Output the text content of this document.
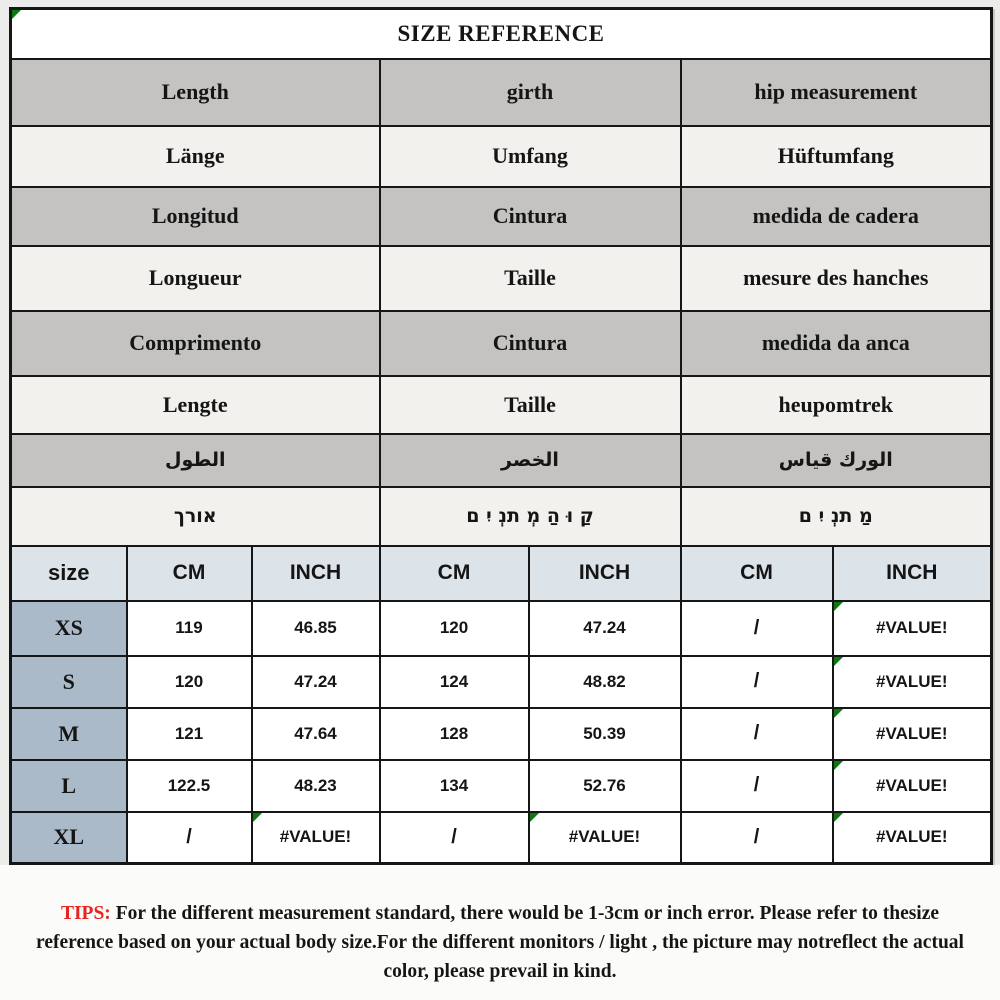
SIZE REFERENCE						
Length			girth		hip measurement	
Länge			Umfang		Hüftumfang	
Longitud			Cintura		medida de cadera	
Longueur			Taille		mesure des hanches	
Comprimento			Cintura		medida da anca	
Lengte			Taille		heupomtrek	
الطول			الخصر		الورك قياس	
אורך			קַ וּ הַ מְ תנְ יִ ם		מַ תנְ יִ ם	
size	CM	INCH	CM	INCH	CM	INCH
XS	119	46.85	120	47.24	/	#VALUE!
S	120	47.24	124	48.82	/	#VALUE!
M	121	47.64	128	50.39	/	#VALUE!
L	122.5	48.23	134	52.76	/	#VALUE!
XL	/	#VALUE!	/	#VALUE!	/	#VALUE!
TIPS: For the different measurement standard, there would be 1-3cm or inch error. Please refer to thesize reference based on your actual body size.For the different monitors / light , the picture may notreflect the actual color, please prevail in kind.
